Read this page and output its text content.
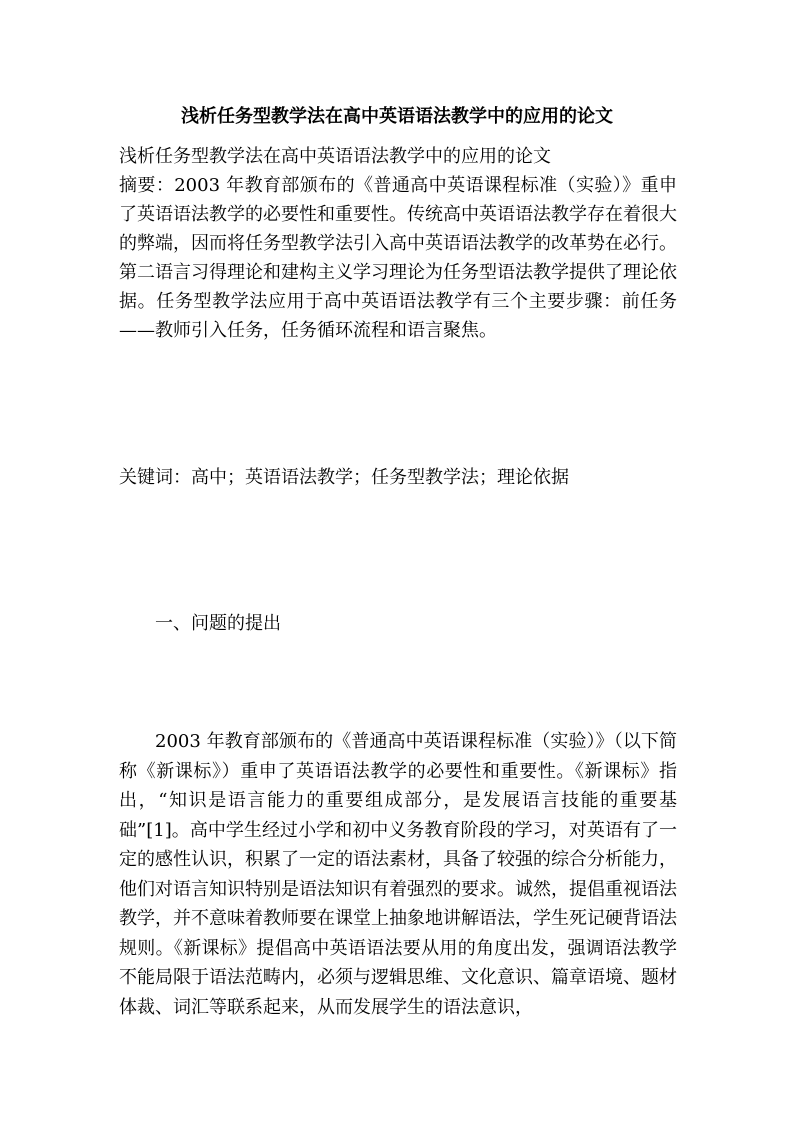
浅析任务型教学法在高中英语语法教学中的应用的论文
浅析任务型教学法在高中英语语法教学中的应用的论文

摘要：2003 年教育部颁布的《普通高中英语课程标准（实验）》重申了英语语法教学的必要性和重要性。传统高中英语语法教学存在着很大的弊端，因而将任务型教学法引入高中英语语法教学的改革势在必行。第二语言习得理论和建构主义学习理论为任务型语法教学提供了理论依据。任务型教学法应用于高中英语语法教学有三个主要步骤：前任务——教师引入任务，任务循环流程和语言聚焦。

关键词：高中；英语语法教学；任务型教学法；理论依据
一、问题的提出

2003 年教育部颁布的《普通高中英语课程标准（实验）》（以下简称《新课标》）重申了英语语法教学的必要性和重要性。《新课标》指出，“知识是语言能力的重要组成部分，是发展语言技能的重要基础”[1]。高中学生经过小学和初中义务教育阶段的学习，对英语有了一定的感性认识，积累了一定的语法素材，具备了较强的综合分析能力，他们对语言知识特别是语法知识有着强烈的要求。诚然，提倡重视语法教学，并不意味着教师要在课堂上抽象地讲解语法，学生死记硬背语法规则。《新课标》提倡高中英语语法要从用的角度出发，强调语法教学不能局限于语法范畴内，必须与逻辑思维、文化意识、篇章语境、题材体裁、词汇等联系起来，从而发展学生的语法意识，
